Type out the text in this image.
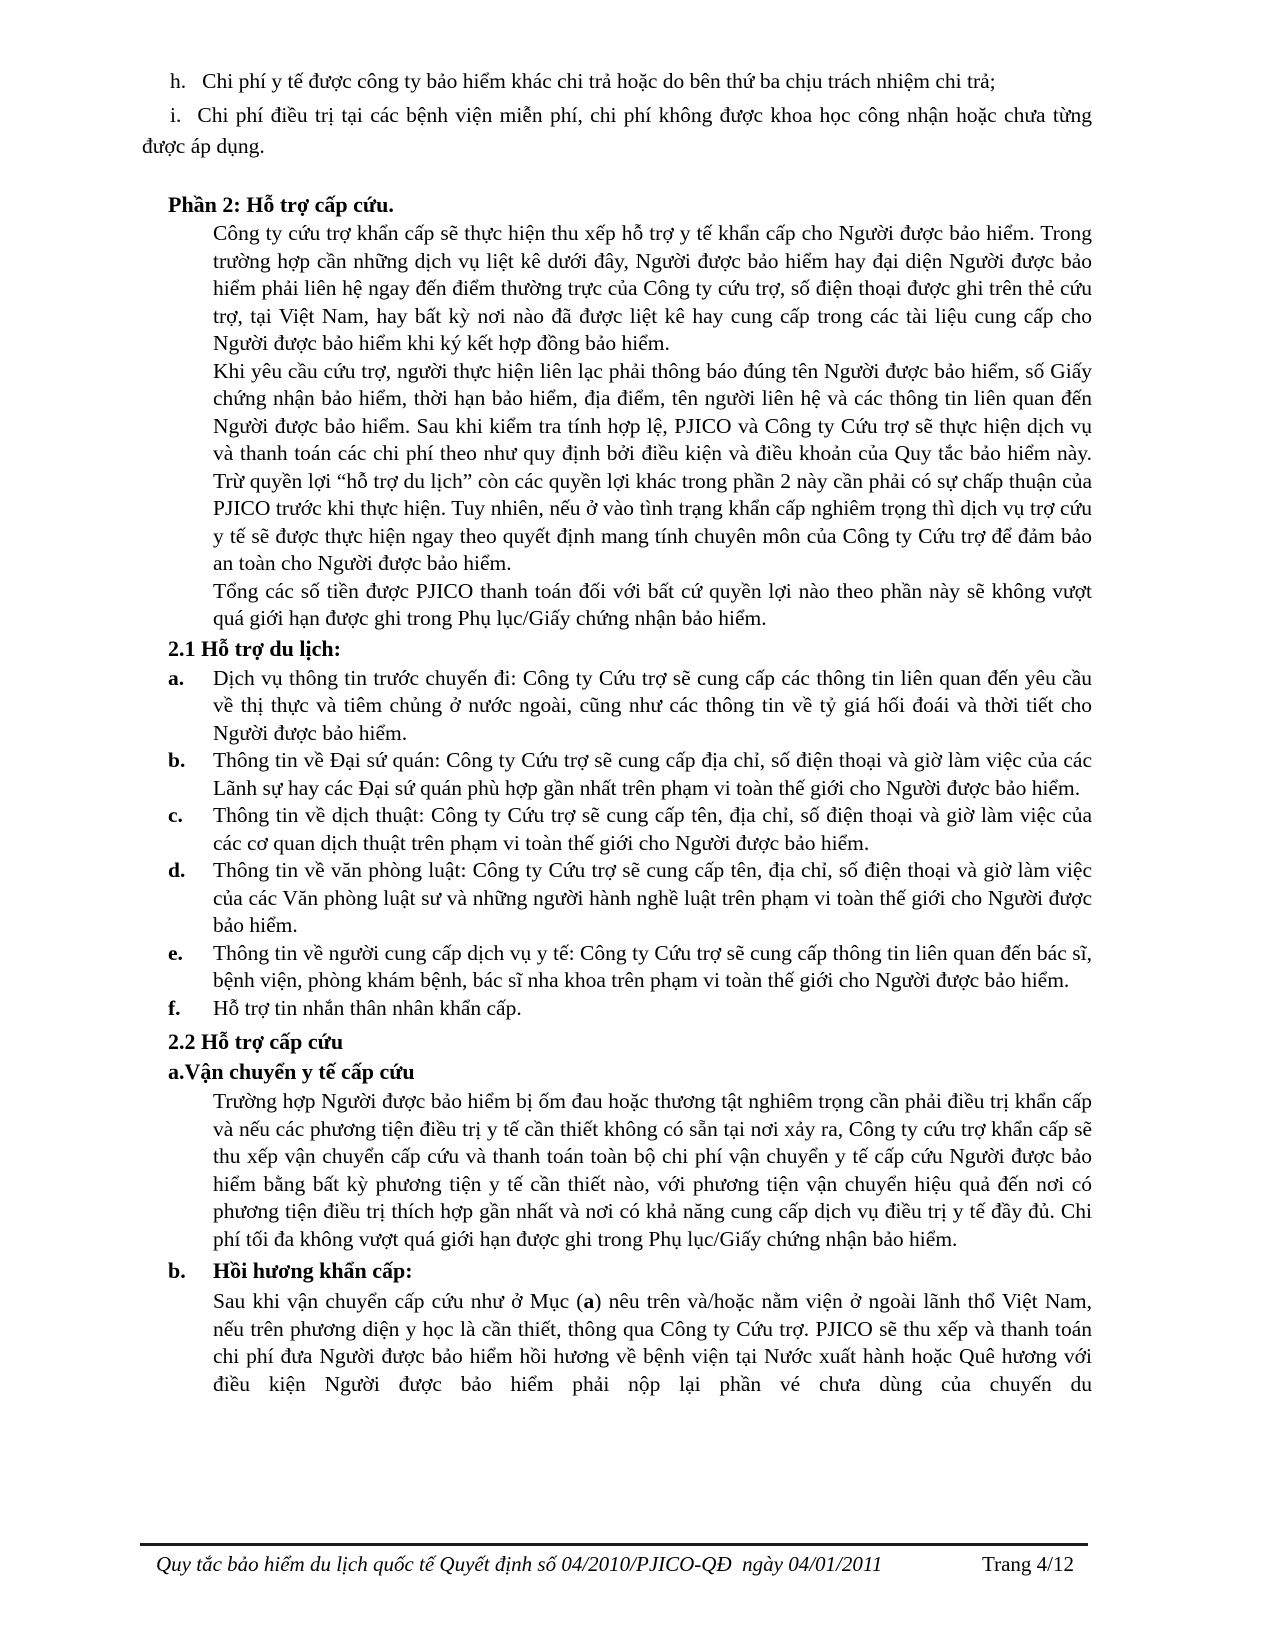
h. Chi phí y tế được công ty bảo hiểm khác chi trả hoặc do bên thứ ba chịu trách nhiệm chi trả;

i. Chi phí điều trị tại các bệnh viện miễn phí, chi phí không được khoa học công nhận hoặc chưa từng được áp dụng.

Phần 2: Hỗ trợ cấp cứu.

Công ty cứu trợ khẩn cấp sẽ thực hiện thu xếp hỗ trợ y tế khẩn cấp cho Người được bảo hiểm. Trong trường hợp cần những dịch vụ liệt kê dưới đây, Người được bảo hiểm hay đại diện Người được bảo hiểm phải liên hệ ngay đến điểm thường trực của Công ty cứu trợ, số điện thoại được ghi trên thẻ cứu trợ, tại Việt Nam, hay bất kỳ nơi nào đã được liệt kê hay cung cấp trong các tài liệu cung cấp cho Người được bảo hiểm khi ký kết hợp đồng bảo hiểm.

Khi yêu cầu cứu trợ, người thực hiện liên lạc phải thông báo đúng tên Người được bảo hiểm, số Giấy chứng nhận bảo hiểm, thời hạn bảo hiểm, địa điểm, tên người liên hệ và các thông tin liên quan đến Người được bảo hiểm. Sau khi kiểm tra tính hợp lệ, PJICO và Công ty Cứu trợ sẽ thực hiện dịch vụ và thanh toán các chi phí theo như quy định bởi điều kiện và điều khoản của Quy tắc bảo hiểm này. Trừ quyền lợi “hỗ trợ du lịch” còn các quyền lợi khác trong phần 2 này cần phải có sự chấp thuận của PJICO trước khi thực hiện. Tuy nhiên, nếu ở vào tình trạng khẩn cấp nghiêm trọng thì dịch vụ trợ cứu y tế sẽ được thực hiện ngay theo quyết định mang tính chuyên môn của Công ty Cứu trợ để đảm bảo an toàn cho Người được bảo hiểm.

Tổng các số tiền được PJICO thanh toán đối với bất cứ quyền lợi nào theo phần này sẽ không vượt quá giới hạn được ghi trong Phụ lục/Giấy chứng nhận bảo hiểm.

2.1 Hỗ trợ du lịch:

a.	Dịch vụ thông tin trước chuyến đi: Công ty Cứu trợ sẽ cung cấp các thông tin liên quan đến yêu cầu về thị thực và tiêm chủng ở nước ngoài, cũng như các thông tin về tỷ giá hối đoái và thời tiết cho Người được bảo hiểm.

b.	Thông tin về Đại sứ quán: Công ty Cứu trợ sẽ cung cấp địa chỉ, số điện thoại và giờ làm việc của các Lãnh sự hay các Đại sứ quán phù hợp gần nhất trên phạm vi toàn thế giới cho Người được bảo hiểm.

c.	Thông tin về dịch thuật: Công ty Cứu trợ sẽ cung cấp tên, địa chỉ, số điện thoại và giờ làm việc của các cơ quan dịch thuật trên phạm vi toàn thế giới cho Người được bảo hiểm.

d.	Thông tin về văn phòng luật: Công ty Cứu trợ sẽ cung cấp tên, địa chỉ, số điện thoại và giờ làm việc của các Văn phòng luật sư và những người hành nghề luật trên phạm vi toàn thế giới cho Người được bảo hiểm.

e.	Thông tin về người cung cấp dịch vụ y tế: Công ty Cứu trợ sẽ cung cấp thông tin liên quan đến bác sĩ, bệnh viện, phòng khám bệnh, bác sĩ nha khoa trên phạm vi toàn thế giới cho Người được bảo hiểm.

f.	Hỗ trợ tin nhắn thân nhân khẩn cấp.

2.2 Hỗ trợ cấp cứu

a.Vận chuyển y tế cấp cứu

Trường hợp Người được bảo hiểm bị ốm đau hoặc thương tật nghiêm trọng cần phải điều trị khẩn cấp và nếu các phương tiện điều trị y tế cần thiết không có sẵn tại nơi xảy ra, Công ty cứu trợ khẩn cấp sẽ thu xếp vận chuyển cấp cứu và thanh toán toàn bộ chi phí vận chuyển y tế cấp cứu Người được bảo hiểm bằng bất kỳ phương tiện y tế cần thiết nào, với phương tiện vận chuyển hiệu quả đến nơi có phương tiện điều trị thích hợp gần nhất và nơi có khả năng cung cấp dịch vụ điều trị y tế đầy đủ. Chi phí tối đa không vượt quá giới hạn được ghi trong Phụ lục/Giấy chứng nhận bảo hiểm.

b.	Hồi hương khẩn cấp:

Sau khi vận chuyển cấp cứu như ở Mục (a) nêu trên và/hoặc nằm viện ở ngoài lãnh thổ Việt Nam, nếu trên phương diện y học là cần thiết, thông qua Công ty Cứu trợ. PJICO sẽ thu xếp và thanh toán chi phí đưa Người được bảo hiểm hồi hương về bệnh viện tại Nước xuất hành hoặc Quê hương với điều kiện Người được bảo hiểm phải nộp lại phần vé chưa dùng của chuyến du

Quy tắc bảo hiểm du lịch quốc tế Quyết định số 04/2010/PJICO-QĐ  ngày 04/01/2011	Trang 4/12
